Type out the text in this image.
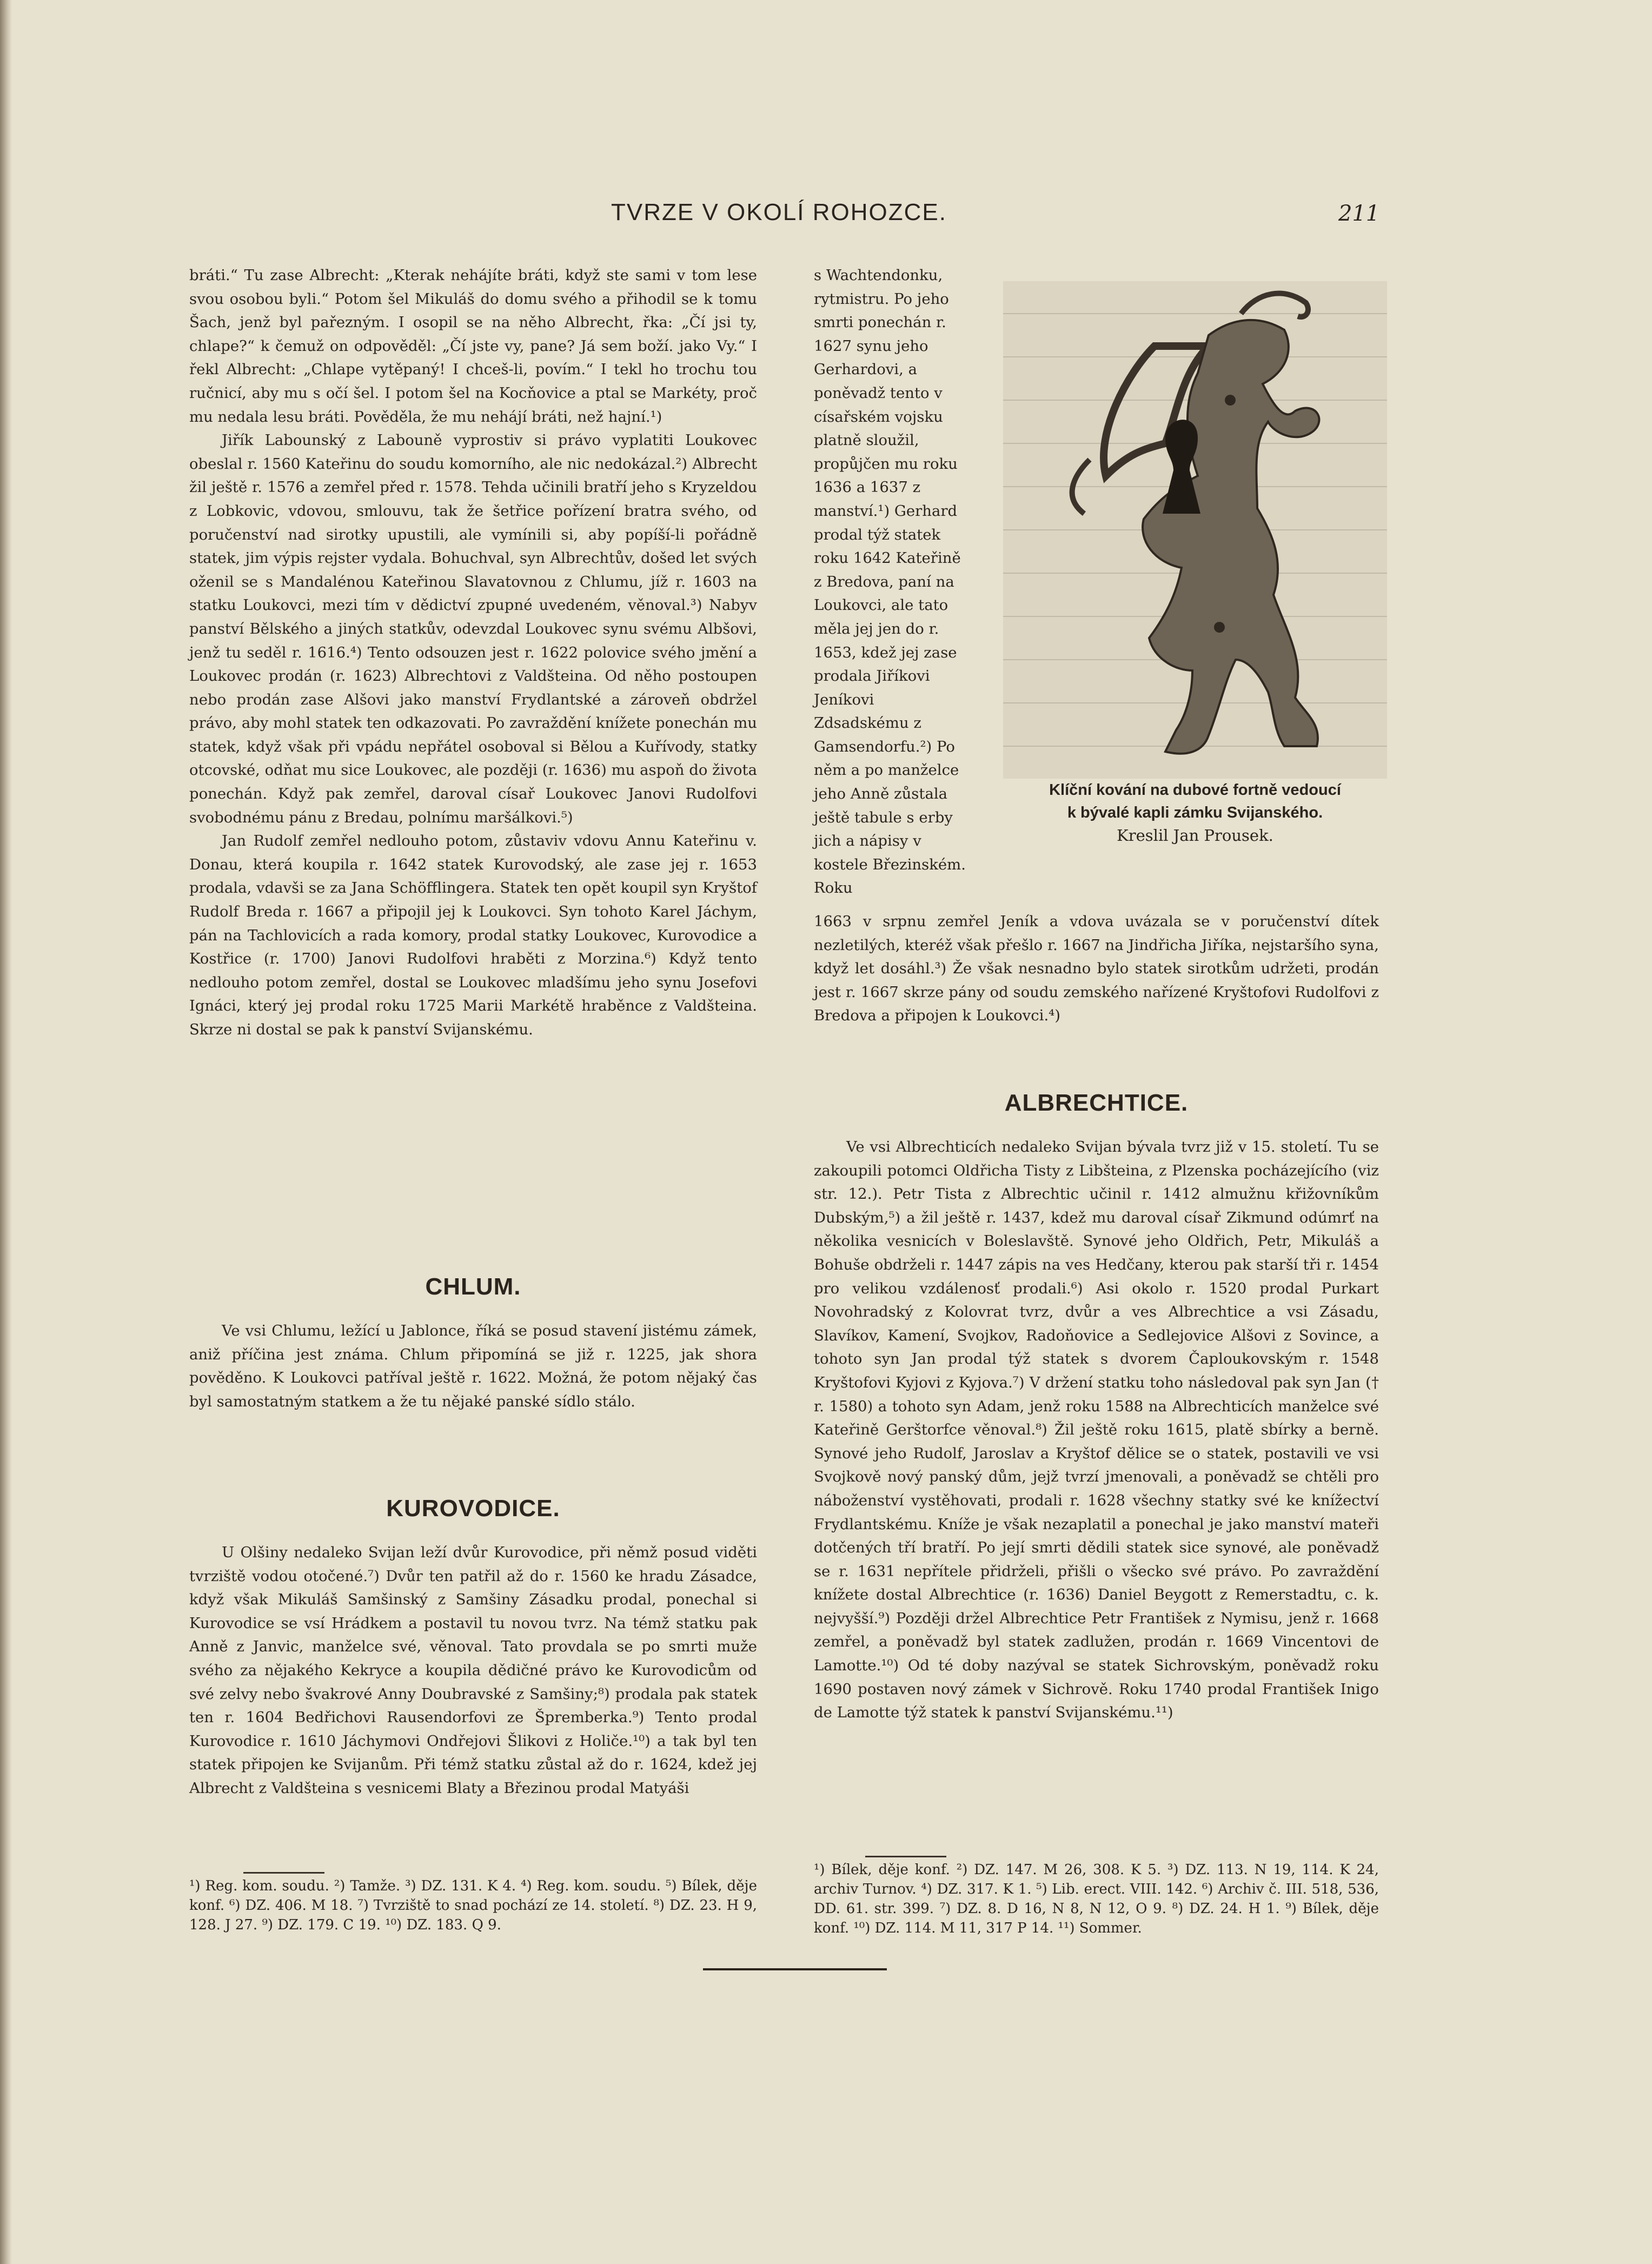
TVRZE V OKOLÍ ROHOZCE.	211

bráti.“ Tu zase Albrecht: „Kterak nehájíte bráti, když ste sami v tom lese svou osobou byli.“ Potom šel Mikuláš do domu svého a přihodil se k tomu Šach, jenž byl pařezným. I osopil se na něho Albrecht, řka: „Čí jsi ty, chlape?“ k čemuž on odpověděl: „Čí jste vy, pane? Já sem boží. jako Vy.“ I řekl Albrecht: „Chlape vytěpaný! I chceš-li, povím.“ I tekl ho trochu tou ručnicí, aby mu s očí šel. I potom šel na Kocňovice a ptal se Markéty, proč mu nedala lesu bráti. Pověděla, že mu nehájí bráti, než hajní.¹)

Jiřík Labounský z Labouně vyprostiv si právo vyplatiti Loukovec obeslal r. 1560 Kateřinu do soudu komorního, ale nic nedokázal.²) Albrecht žil ještě r. 1576 a zemřel před r. 1578. Tehda učinili bratří jeho s Kryzeldou z Lobkovic, vdovou, smlouvu, tak že šetřice pořízení bratra svého, od poručenství nad sirotky upustili, ale vymínili si, aby popíší-li pořádně statek, jim výpis rejster vydala. Bohuchval, syn Albrechtův, došed let svých oženil se s Mandalénou Kateřinou Slavatovnou z Chlumu, jíž r. 1603 na statku Loukovci, mezi tím v dědictví zpupné uvedeném, věnoval.³) Nabyv panství Bělského a jiných statkův, odevzdal Loukovec synu svému Albšovi, jenž tu seděl r. 1616.⁴) Tento odsouzen jest r. 1622 polovice svého jmění a Loukovec prodán (r. 1623) Albrechtovi z Valdšteina. Od něho postoupen nebo prodán zase Alšovi jako manství Frydlantské a zároveň obdržel právo, aby mohl statek ten odkazovati. Po zavraždění knížete ponechán mu statek, když však při vpádu nepřátel osoboval si Bělou a Kuřívody, statky otcovské, odňat mu sice Loukovec, ale později (r. 1636) mu aspoň do života ponechán. Když pak zemřel, daroval císař Loukovec Janovi Rudolfovi svobodnému pánu z Bredau, polnímu maršálkovi.⁵)

Jan Rudolf zemřel nedlouho potom, zůstaviv vdovu Annu Kateřinu v. Donau, která koupila r. 1642 statek Kurovodský, ale zase jej r. 1653 prodala, vdavši se za Jana Schöfflingera. Statek ten opět koupil syn Kryštof Rudolf Breda r. 1667 a připojil jej k Loukovci. Syn tohoto Karel Jáchym, pán na Tachlovicích a rada komory, prodal statky Loukovec, Kurovodice a Kostřice (r. 1700) Janovi Rudolfovi hraběti z Morzina.⁶) Když tento nedlouho potom zemřel, dostal se Loukovec mladšímu jeho synu Josefovi Ignáci, který jej prodal roku 1725 Marii Markétě hraběnce z Valdšteina. Skrze ni dostal se pak k panství Svijanskému.

CHLUM.

Ve vsi Chlumu, ležící u Jablonce, říká se posud stavení jistému zámek, aniž příčina jest známa. Chlum připomíná se již r. 1225, jak shora pověděno. K Loukovci patříval ještě r. 1622. Možná, že potom nějaký čas byl samostatným statkem a že tu nějaké panské sídlo stálo.

KUROVODICE.

U Olšiny nedaleko Svijan leží dvůr Kurovodice, při němž posud viděti tvrziště vodou otočené.⁷) Dvůr ten patřil až do r. 1560 ke hradu Zásadce, když však Mikuláš Samšinský z Samšiny Zásadku prodal, ponechal si Kurovodice se vsí Hrádkem a postavil tu novou tvrz. Na témž statku pak Anně z Janvic, manželce své, věnoval. Tato provdala se po smrti muže svého za nějakého Kekryce a koupila dědičné právo ke Kurovodicům od své zelvy nebo švakrové Anny Doubravské z Samšiny;⁸) prodala pak statek ten r. 1604 Bedřichovi Rausendorfovi ze Špremberka.⁹) Tento prodal Kurovodice r. 1610 Jáchymovi Ondřejovi Šlikovi z Holiče.¹⁰) a tak byl ten statek připojen ke Svijanům. Při témž statku zůstal až do r. 1624, kdež jej Albrecht z Valdšteina s vesnicemi Blaty a Březinou prodal Matyáši

¹) Reg. kom. soudu. ²) Tamže. ³) DZ. 131. K 4. ⁴) Reg. kom. soudu. ⁵) Bílek, děje konf. ⁶) DZ. 406. M 18. ⁷) Tvrziště to snad pochází ze 14. století. ⁸) DZ. 23. H 9, 128. J 27. ⁹) DZ. 179. C 19. ¹⁰) DZ. 183. Q 9.
s Wachtendonku, rytmistru. Po jeho smrti ponechán r. 1627 synu jeho Gerhardovi, a poněvadž tento v císařském vojsku platně sloužil, propůjčen mu roku 1636 a 1637 z manství.¹) Gerhard prodal týž statek roku 1642 Kateřině z Bredova, paní na Loukovci, ale tato měla jej jen do r. 1653, kdež jej zase prodala Jiříkovi Jeníkovi Zdsadskému z Gamsendorfu.²) Po něm a po manželce jeho Anně zůstala ještě tabule s erby jich a nápisy v kostele Březinském. Roku
Klíční kování na dubové fortně vedoucí
k bývalé kapli zámku Svijanského.
Kreslil Jan Prousek.

1663 v srpnu zemřel Jeník a vdova uvázala se v poručenství dítek nezletilých, kteréž však přešlo r. 1667 na Jindřicha Jiříka, nejstaršího syna, když let dosáhl.³) Že však nesnadno bylo statek sirotkům udržeti, prodán jest r. 1667 skrze pány od soudu zemského nařízené Kryštofovi Rudolfovi z Bredova a připojen k Loukovci.⁴)

ALBRECHTICE.

Ve vsi Albrechticích nedaleko Svijan bývala tvrz již v 15. století. Tu se zakoupili potomci Oldřicha Tisty z Libšteina, z Plzenska pocházejícího (viz str. 12.). Petr Tista z Albrechtic učinil r. 1412 almužnu křižovníkům Dubským,⁵) a žil ještě r. 1437, kdež mu daroval císař Zikmund odúmrť na několika vesnicích v Boleslavště. Synové jeho Oldřich, Petr, Mikuláš a Bohuše obdrželi r. 1447 zápis na ves Hedčany, kterou pak starší tři r. 1454 pro velikou vzdálenosť prodali.⁶) Asi okolo r. 1520 prodal Purkart Novohradský z Kolovrat tvrz, dvůr a ves Albrechtice a vsi Zásadu, Slavíkov, Kamení, Svojkov, Radoňovice a Sedlejovice Alšovi z Sovince, a tohoto syn Jan prodal týž statek s dvorem Čaploukovským r. 1548 Kryštofovi Kyjovi z Kyjova.⁷) V držení statku toho následoval pak syn Jan († r. 1580) a tohoto syn Adam, jenž roku 1588 na Albrechticích manželce své Kateřině Gerštorfce věnoval.⁸) Žil ještě roku 1615, platě sbírky a berně. Synové jeho Rudolf, Jaroslav a Kryštof dělice se o statek, postavili ve vsi Svojkově nový panský dům, jejž tvrzí jmenovali, a poněvadž se chtěli pro náboženství vystěhovati, prodali r. 1628 všechny statky své ke knížectví Frydlantskému. Kníže je však nezaplatil a ponechal je jako manství mateři dotčených tří bratří. Po její smrti dědili statek sice synové, ale poněvadž se r. 1631 nepřítele přidrželi, přišli o všecko své právo. Po zavraždění knížete dostal Albrechtice (r. 1636) Daniel Beygott z Remerstadtu, c. k. nejvyšší.⁹) Později držel Albrechtice Petr František z Nymisu, jenž r. 1668 zemřel, a poněvadž byl statek zadlužen, prodán r. 1669 Vincentovi de Lamotte.¹⁰) Od té doby nazýval se statek Sichrovským, poněvadž roku 1690 postaven nový zámek v Sichrově. Roku 1740 prodal František Inigo de Lamotte týž statek k panství Svijanskému.¹¹)

¹) Bílek, děje konf. ²) DZ. 147. M 26, 308. K 5. ³) DZ. 113. N 19, 114. K 24, archiv Turnov. ⁴) DZ. 317. K 1. ⁵) Lib. erect. VIII. 142. ⁶) Archiv č. III. 518, 536, DD. 61. str. 399. ⁷) DZ. 8. D 16, N 8, N 12, O 9. ⁸) DZ. 24. H 1. ⁹) Bílek, děje konf. ¹⁰) DZ. 114. M 11, 317 P 14. ¹¹) Sommer.
